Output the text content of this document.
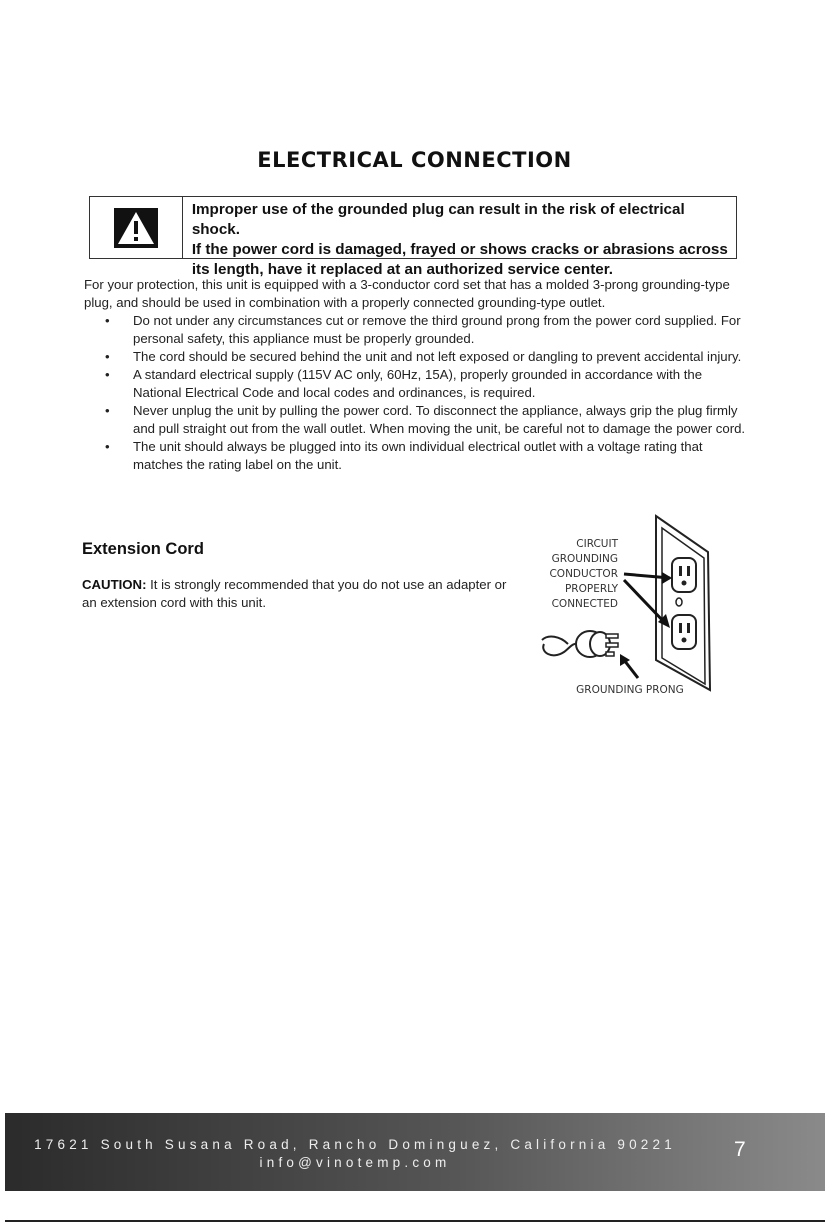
ELECTRICAL CONNECTION
Improper use of the grounded plug can result in the risk of electrical shock.
If the power cord is damaged, frayed or shows cracks or abrasions across
its length, have it replaced at an authorized service center.
For your protection, this unit is equipped with a 3-conductor cord set that has a molded 3-prong grounding-type plug, and should be used in combination with a properly connected grounding-type outlet.
• Do not under any circumstances cut or remove the third ground prong from the power cord supplied. For personal safety, this appliance must be properly grounded.
• The cord should be secured behind the unit and not left exposed or dangling to prevent accidental injury.
• A standard electrical supply (115V AC only, 60Hz, 15A), properly grounded in accordance with the National Electrical Code and local codes and ordinances, is required.
• Never unplug the unit by pulling the power cord. To disconnect the appliance, always grip the plug firmly and pull straight out from the wall outlet. When moving the unit, be careful not to damage the power cord.
• The unit should always be plugged into its own individual electrical outlet with a voltage rating that matches the rating label on the unit.
Extension Cord
CAUTION: It is strongly recommended that you do not use an adapter or an extension cord with this unit.
CIRCUIT
GROUNDING
CONDUCTOR
PROPERLY
CONNECTED
GROUNDING PRONG
17621 South Susana Road, Rancho Dominguez, California 90221
info@vinotemp.com
7
